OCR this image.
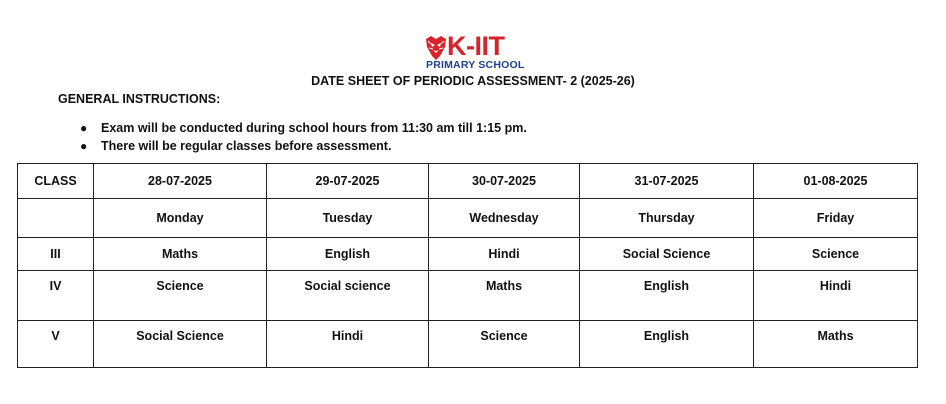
K-IIT
PRIMARY SCHOOL
DATE SHEET OF PERIODIC ASSESSMENT- 2 (2025-26)
GENERAL INSTRUCTIONS:
● Exam will be conducted during school hours from 11:30 am till 1:15 pm.
● There will be regular classes before assessment.
CLASS	28-07-2025	29-07-2025	30-07-2025	31-07-2025	01-08-2025
	Monday	Tuesday	Wednesday	Thursday	Friday
III	Maths	English	Hindi	Social Science	Science
IV	Science	Social science	Maths	English	Hindi
V	Social Science	Hindi	Science	English	Maths
